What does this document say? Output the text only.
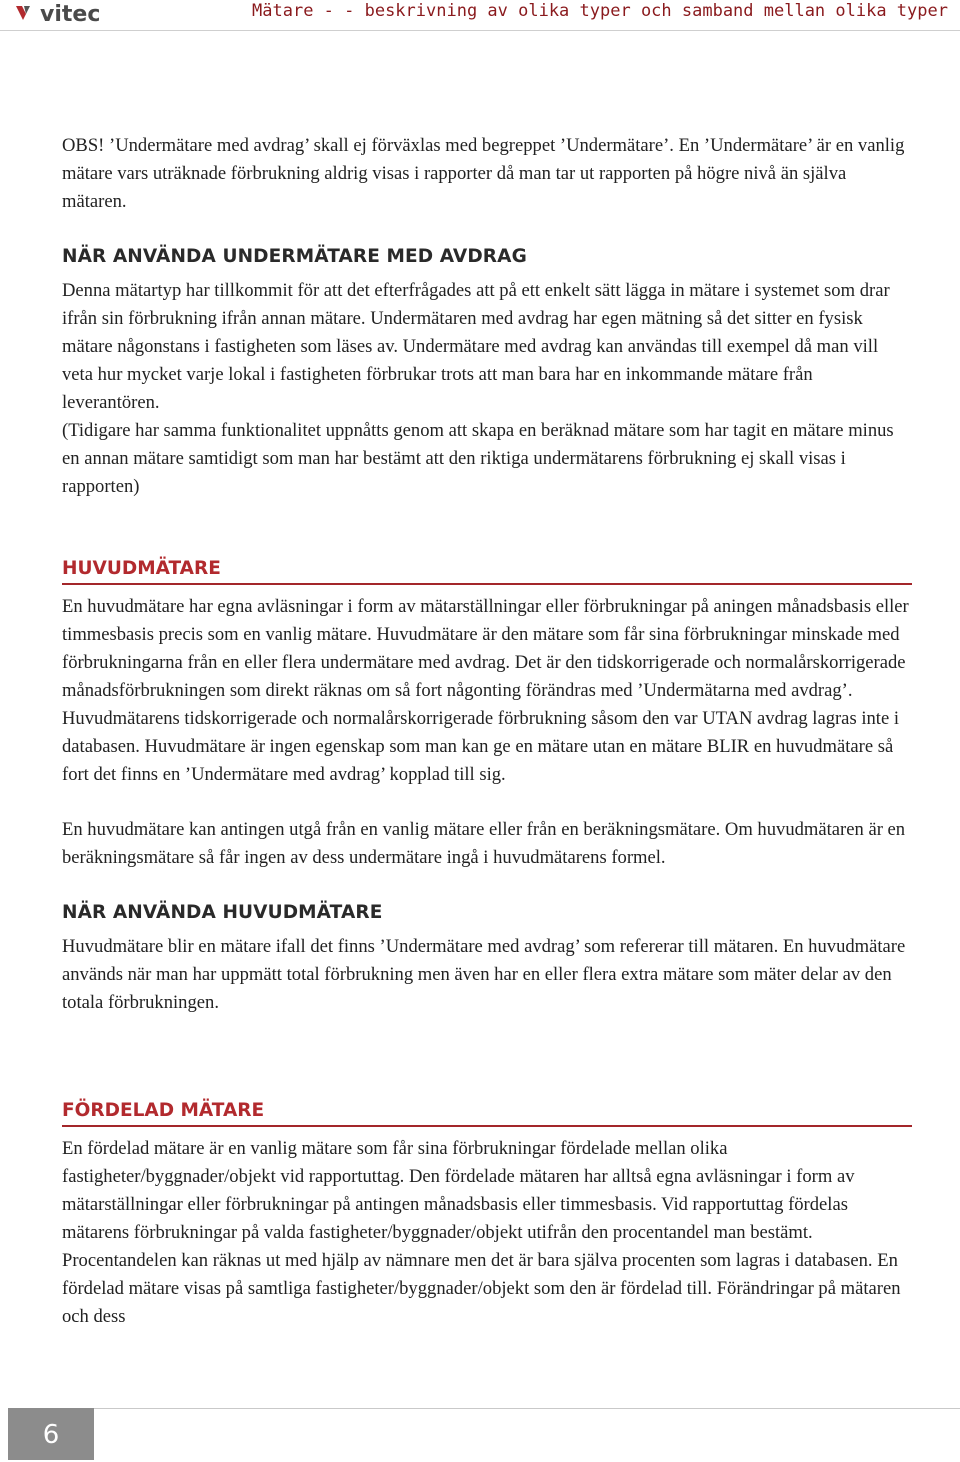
vitec	Mätare - - beskrivning av olika typer och samband mellan olika typer

OBS! ’Undermätare med avdrag’ skall ej förväxlas med begreppet ’Undermätare’. En ’Undermätare’ är en vanlig mätare vars uträknade förbrukning aldrig visas i rapporter då man tar ut rapporten på högre nivå än själva mätaren.

NÄR ANVÄNDA UNDERMÄTARE MED AVDRAG

Denna mätartyp har tillkommit för att det efterfrågades att på ett enkelt sätt lägga in mätare i systemet som drar ifrån sin förbrukning ifrån annan mätare. Undermätaren med avdrag har egen mätning så det sitter en fysisk mätare någonstans i fastigheten som läses av. Undermätare med avdrag kan användas till exempel då man vill veta hur mycket varje lokal i fastigheten förbrukar trots att man bara har en inkommande mätare från leverantören.

(Tidigare har samma funktionalitet uppnåtts genom att skapa en beräknad mätare som har tagit en mätare minus en annan mätare samtidigt som man har bestämt att den riktiga undermätarens förbrukning ej skall visas i rapporten)

HUVUDMÄTARE

En huvudmätare har egna avläsningar i form av mätarställningar eller förbrukningar på aningen månadsbasis eller timmesbasis precis som en vanlig mätare. Huvudmätare är den mätare som får sina förbrukningar minskade med förbrukningarna från en eller flera undermätare med avdrag. Det är den tidskorrigerade och normalårskorrigerade månadsförbrukningen som direkt räknas om så fort någonting förändras med ’Undermätarna med avdrag’. Huvudmätarens tidskorrigerade och normalårskorrigerade förbrukning såsom den var UTAN avdrag lagras inte i databasen. Huvudmätare är ingen egenskap som man kan ge en mätare utan en mätare BLIR en huvudmätare så fort det finns en ’Undermätare med avdrag’ kopplad till sig.

En huvudmätare kan antingen utgå från en vanlig mätare eller från en beräkningsmätare. Om huvudmätaren är en beräkningsmätare så får ingen av dess undermätare ingå i huvudmätarens formel.

NÄR ANVÄNDA HUVUDMÄTARE

Huvudmätare blir en mätare ifall det finns ’Undermätare med avdrag’ som refererar till mätaren. En huvudmätare används när man har uppmätt total förbrukning men även har en eller flera extra mätare som mäter delar av den totala förbrukningen.

FÖRDELAD MÄTARE

En fördelad mätare är en vanlig mätare som får sina förbrukningar fördelade mellan olika fastigheter/byggnader/objekt vid rapportuttag. Den fördelade mätaren har alltså egna avläsningar i form av mätarställningar eller förbrukningar på antingen månadsbasis eller timmesbasis. Vid rapportuttag fördelas mätarens förbrukningar på valda fastigheter/byggnader/objekt utifrån den procentandel man bestämt. Procentandelen kan räknas ut med hjälp av nämnare men det är bara själva procenten som lagras i databasen. En fördelad mätare visas på samtliga fastigheter/byggnader/objekt som den är fördelad till. Förändringar på mätaren och dess

6
